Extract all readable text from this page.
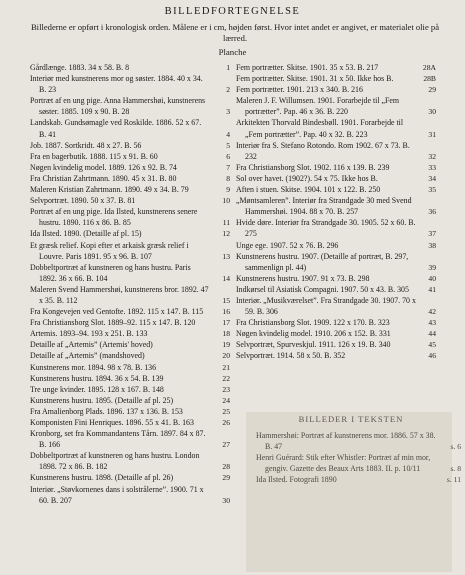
BILLEDFORTEGNELSE
Billederne er opført i kronologisk orden. Målene er i cm, højden først. Hvor intet andet er angivet, er materialet olie på lærred.
Planche
Gårdlænge. 1883. 34 x 58. B. 8	1
Interiør med kunstnerens mor og søster. 1884. 40 x 34. B. 23	2
Portræt af en ung pige. Anna Hammershøi, kunstnerens søster. 1885. 109 x 90. B. 28	3
Landskab. Gundsømagle ved Roskilde. 1886. 52 x 67. B. 41	4
Job. 1887. Sortkridt. 48 x 27. B. 56	5
Fra en bagerbutik. 1888. 115 x 91. B. 60	6
Nøgen kvindelig model. 1889. 126 x 92. B. 74	7
Fra Christian Zahrtmann. 1890. 45 x 31. B. 80	8
Maleren Kristian Zahrtmann. 1890. 49 x 34. B. 79	9
Selvportræt. 1890. 50 x 37. B. 81	10
Portræt af en ung pige. Ida Ilsted, kunstnerens senere hustru. 1890. 116 x 86. B. 85	11
Ida Ilsted. 1890. (Detaille af pl. 15)	12
Et græsk relief. Kopi efter et arkaisk græsk relief i Louvre. Paris 1891. 95 x 96. B. 107	13
Dobbeltportræt af kunstneren og hans hustru. Paris 1892. 36 x 66. B. 104	14
Maleren Svend Hammershøi, kunstnerens bror. 1892. 47 x 35. B. 112	15
Fra Kongevejen ved Gentofte. 1892. 115 x 147. B. 115	16
Fra Christiansborg Slot. 1889–92. 115 x 147. B. 120	17
Artemis. 1893–94. 193 x 251. B. 133	18
Detaille af „Artemis” (Artemis' hoved)	19
Detaille af „Artemis” (mandshoved)	20
Kunstnerens mor. 1894. 98 x 78. B. 136	21
Kunstnerens hustru. 1894. 36 x 54. B. 139	22
Tre unge kvinder. 1895. 128 x 167. B. 148	23
Kunstnerens hustru. 1895. (Detaille af pl. 25)	24
Fra Amalienborg Plads. 1896. 137 x 136. B. 153	25
Komponisten Fini Henriques. 1896. 55 x 41. B. 163	26
Kronborg, set fra Kommandantens Tårn. 1897. 84 x 87. B. 166	27
Dobbeltportræt af kunstneren og hans hustru. London 1898. 72 x 86. B. 182	28
Kunstnerens hustru. 1898. (Detaille af pl. 26)	29
Interiør. „Støvkornenes dans i solstrålerne”. 1900. 71 x 60. B. 207	30
Fem portrætter. Skitse. 1901. 35 x 53. B. 217	28A
Fem portrætter. Skitse. 1901. 31 x 50. Ikke hos B.	28B
Fem portrætter. 1901. 213 x 340. B. 216	29
Maleren J. F. Willumsen. 1901. Forarbejde til „Fem portrætter”. Pap. 46 x 36. B. 220	30
Arkitekten Thorvald Bindesbøll. 1901. Forarbejde til „Fem portrætter”. Pap. 40 x 32. B. 223	31
Interiør fra S. Stefano Rotondo. Rom 1902. 67 x 73. B. 232	32
Fra Christiansborg Slot. 1902. 116 x 139. B. 239	33
Sol over havet. (1902?). 54 x 75. Ikke hos B.	34
Aften i stuen. Skitse. 1904. 101 x 122. B. 250	35
„Møntsamleren”. Interiør fra Strandgade 30 med Svend Hammershøi. 1904. 88 x 70. B. 257	36
Hvide døre. Interiør fra Strandgade 30. 1905. 52 x 60. B. 275	37
Unge ege. 1907. 52 x 76. B. 296	38
Kunstnerens hustru. 1907. (Detaille af portræt, B. 297, sammenlign pl. 44)	39
Kunstnerens hustru. 1907. 91 x 73. B. 298	40
Indkørsel til Asiatisk Compagni. 1907. 50 x 43. B. 305	41
Interiør. „Musikværelset”. Fra Strandgade 30. 1907. 70 x 59. B. 306	42
Fra Christiansborg Slot. 1909. 122 x 170. B. 323	43
Nøgen kvindelig model. 1910. 206 x 152. B. 331	44
Selvportræt, Spurveskjul. 1911. 126 x 19. B. 340	45
Selvportræt. 1914. 58 x 50. B. 352	46
BILLEDER I TEKSTEN
Hammershøi: Portræt af kunstnerens mor. 1886. 57 x 38. B. 47	s. 6
Henri Guérard: Stik efter Whistler: Portræt af min mor, gengiv. Gazette des Beaux Arts 1883. II. p. 10/11	s. 8
Ida Ilsted. Fotografi 1890	s. 11
